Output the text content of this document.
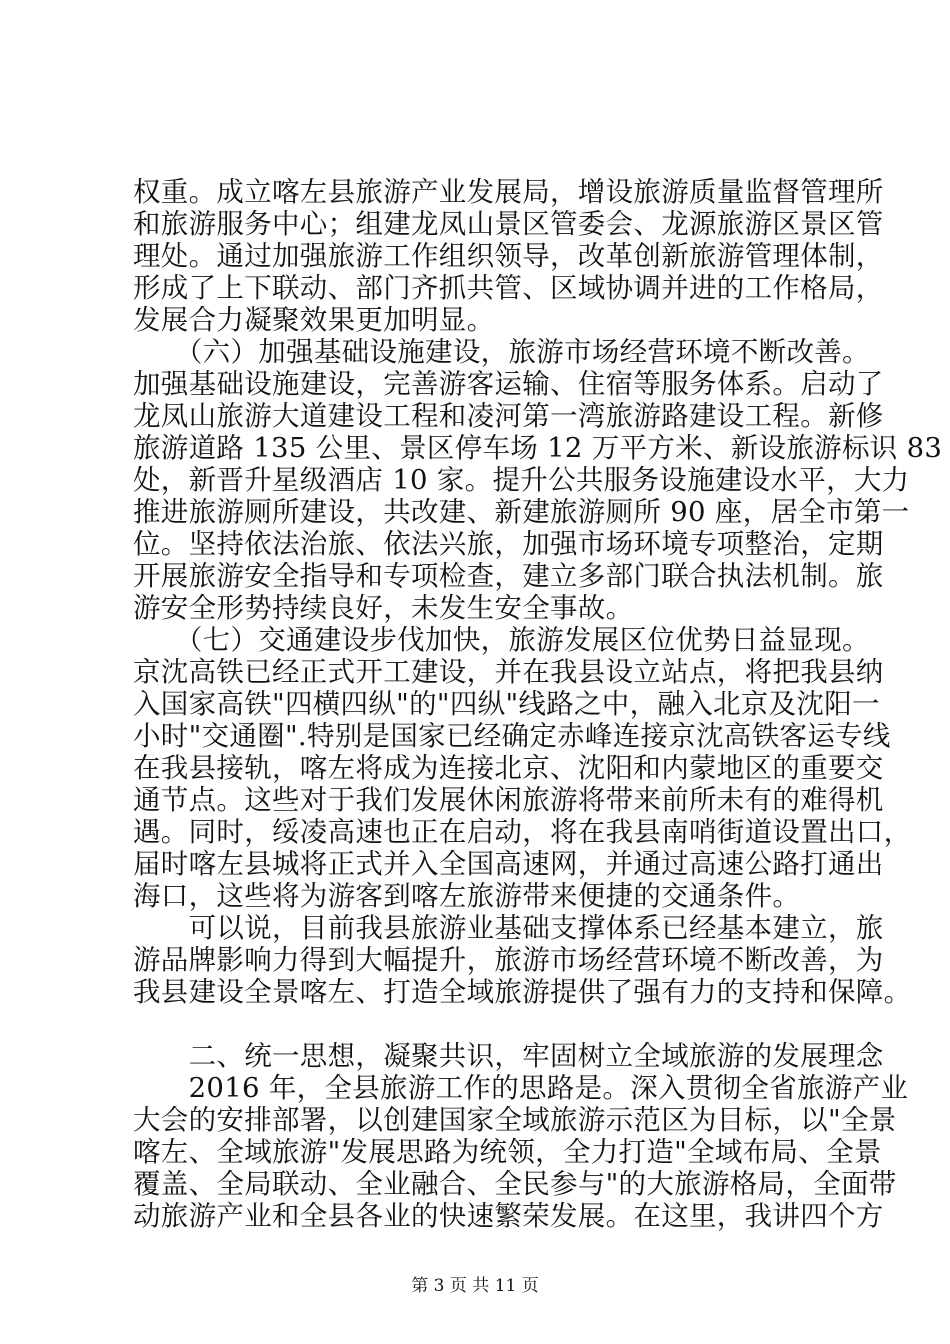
权重。成立喀左县旅游产业发展局，增设旅游质量监督管理所
和旅游服务中心；组建龙凤山景区管委会、龙源旅游区景区管
理处。通过加强旅游工作组织领导，改革创新旅游管理体制，
形成了上下联动、部门齐抓共管、区域协调并进的工作格局，
发展合力凝聚效果更加明显。
　　（六）加强基础设施建设，旅游市场经营环境不断改善。
加强基础设施建设，完善游客运输、住宿等服务体系。启动了
龙凤山旅游大道建设工程和凌河第一湾旅游路建设工程。新修
旅游道路 135 公里、景区停车场 12 万平方米、新设旅游标识 83
处，新晋升星级酒店 10 家。提升公共服务设施建设水平，大力
推进旅游厕所建设，共改建、新建旅游厕所 90 座，居全市第一
位。坚持依法治旅、依法兴旅，加强市场环境专项整治，定期
开展旅游安全指导和专项检查，建立多部门联合执法机制。旅
游安全形势持续良好，未发生安全事故。
　　（七）交通建设步伐加快，旅游发展区位优势日益显现。
京沈高铁已经正式开工建设，并在我县设立站点，将把我县纳
入国家高铁"四横四纵"的"四纵"线路之中，融入北京及沈阳一
小时"交通圈".特别是国家已经确定赤峰连接京沈高铁客运专线
在我县接轨，喀左将成为连接北京、沈阳和内蒙地区的重要交
通节点。这些对于我们发展休闲旅游将带来前所未有的难得机
遇。同时，绥凌高速也正在启动，将在我县南哨街道设置出口，
届时喀左县城将正式并入全国高速网，并通过高速公路打通出
海口，这些将为游客到喀左旅游带来便捷的交通条件。
　　可以说，目前我县旅游业基础支撑体系已经基本建立，旅
游品牌影响力得到大幅提升，旅游市场经营环境不断改善，为
我县建设全景喀左、打造全域旅游提供了强有力的支持和保障。
　　二、统一思想，凝聚共识，牢固树立全域旅游的发展理念
　　2016 年，全县旅游工作的思路是。深入贯彻全省旅游产业
大会的安排部署，以创建国家全域旅游示范区为目标，以"全景
喀左、全域旅游"发展思路为统领，全力打造"全域布局、全景
覆盖、全局联动、全业融合、全民参与"的大旅游格局，全面带
动旅游产业和全县各业的快速繁荣发展。在这里，我讲四个方
第 3 页 共 11 页
